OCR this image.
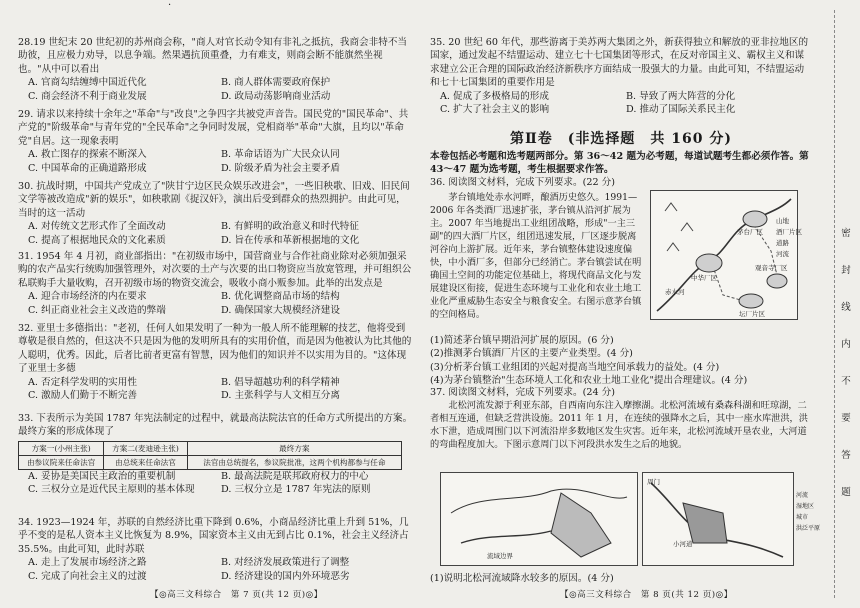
·

28.19 世纪末 20 世纪初的苏州商会称，"商人对官长动令知有非礼之抵抗，我商会非特不当助彼，且应极力劝导，以息争端。然果遇抗顶重叠，力有难支，则商会断不能旗然坐视也。"从中可以看出

A. 官商勾结缠缚中国近代化	B. 商人群体需要政府保护
C. 商会经济不利于商业发展	D. 政局动荡影响商业活动

29. 请求以来持续十余年之"革命"与"改良"之争四字共被党声音告。国民党的"国民革命"、共产党的"阶级革命"与青年党的"全民革命"之争同时发展，党相商举"革命"大旗，且均以"革命党"自居。这一现象表明

A. 救亡图存的探索不断深入	B. 革命话语为广大民众认同
C. 中国革命的正确道路形成	D. 阶级矛盾为社会主要矛盾

30. 抗战时期，中国共产党成立了"陕甘宁边区民众娱乐改进会"，一些旧秧歌、旧戏、旧民间文学等被改造成"新的娱乐"，如秧歌剧《捉汉奸》，演出后受到群众的热烈拥护。由此可见，当时的这一活动

A. 对传统文艺形式作了全面改动	B. 有鲜明的政治意义和时代特征
C. 提高了根据地民众的文化素质	D. 旨在传承和革新根据地的文化

31. 1954 年 4 月初，商业部指出："在初级市场中，国营商业与合作社商业除对必须加强采购的农产品实行统购加强管理外，对次要的土产与次要的出口物资应当放宽管理，并可组织公私联购手大量收购，召开初级市场的物资交流会，吸收小商小贩参加。此举的出发点是

A. 迎合市场经济的内在要求	B. 优化调整商品市场的结构
C. 纠正商业社会主义改造的弊端	D. 确保国家大规模经济建设

32. 亚里士多德指出："老初，任何人如果发明了一种为一般人所不能理解的技艺，他将受到尊敬是很自然的，但这决不只是因为他的发明所具有的实用价值，而是因为他被认为比其他的人聪明，优秀。因此，后者比前者更富有智慧，因为他们的知识并不以实用为目的。"这体现了亚里士多德

A. 否定科学发明的实用性	B. 倡导超越功利的科学精神
C. 激励人们勤于不断完善	D. 主张科学与人文相互分离

33. 下表所示为美国 1787 年宪法制定的过程中，就最高法院法官的任命方式所提出的方案。最终方案的形成体现了

方案一(小州主张)	方案二(麦迪逊主张)	最终方案
由参议院来任命法官	由总统来任命法官	法官由总统提名，参议院批准，这两个机构都参与任命
A. 妥协是美国民主政治的重要机制	B. 最高法院是联邦政府权力的中心
C. 三权分立是近代民主原则的基本体现	D. 三权分立是 1787 年宪法的原则

34. 1923—1924 年，苏联的自然经济比重下降到 0.6%，小商品经济比重上升到 51%，几乎不变的是私人资本主义比恢复为 8.9%，国家资本主义由无到占比 0.1%，社会主义经济占 35.5%。由此可知，此时苏联

A. 走上了发展市场经济之路	B. 对经济发展政策进行了调整
C. 完成了向社会主义的过渡	D. 经济建设的国内外环境恶劣

35. 20 世纪 60 年代，那些游离于美苏两大集团之外，新获得独立和解放的亚非拉地区的国家，通过发起不结盟运动、建立七十七国集团等形式，在反对帝国主义、霸权主义和谋求建立公正合理的国际政治经济新秩序方面结成一股强大的力量。由此可知，不结盟运动和七十七国集团的重要作用是

A. 促成了多极格局的形成	B. 导致了两大阵营的分化
C. 扩大了社会主义的影响	D. 推动了国际关系民主化
第Ⅱ卷　(非选择题　共 160 分)

本卷包括必考题和选考题两部分。第 36～42 题为必考题，每道试题考生都必须作答。第 43～47 题为选考题，考生根据要求作答。

36. 阅读图文材料，完成下列要求。(22 分)

茅台镇地处赤水河畔，酿酒历史悠久。1991—2006 年各类酒厂迅速扩张，茅台镇从沿河扩展为主。2007 年当地提出工业组团战略，形成"一主三副"的四大酒厂片区，组团迅速发展，厂区逐步脱离河谷向上游扩展。近年来，茅台镇整体建设速度偏快，中小酒厂多，但部分已经消亡。茅台镇尝试在明确国土空间的功能定位基础上，将现代商品文化与发展建设区衔接，促进生态环境与工业化和农业土地工业化严重威胁生态安全与粮食安全。右图示意茅台镇的空间格局。

茅台厂区
赤水河
中华厂区
坛厂片区
观音寺厂区
山地
酒厂片区
道路
河流

(1)简述茅台镇早期沿河扩展的原因。(6 分)

(2)推测茅台镇酒厂片区的主要产业类型。(4 分)

(3)分析茅台镇工业组团的兴起对提高当地空间承载力的益处。(4 分)

(4)为茅台镇整治"生态环境人工化和农业土地工业化"提出合理建议。(4 分)

37. 阅读图文材料，完成下列要求。(24 分)

北松河流发源于利亚东部，自西南向东注入摩擦湖。北松河流域有桑森科湖和旺琼湖，二者相互连通，但缺乏营洪设施。2011 年 1 月，在连续的强降水之后，其中一座水库泄洪，洪水下泄，造成周围门以下河流沿岸多数地区发生灾害。近年来，北松河流域开垦农业，大河道的弯曲程度加大。下图示意周门以下河段洪水发生之后的地貌。

流域边界
周门
小河道
河流
湿地区
城市
洪泛平原

(1)说明北松河流域降水较多的原因。(4 分)

【◎高三文科综合　第 7 页(共 12 页)◎】	【◎高三文科综合　第 8 页(共 12 页)◎】
密
封
线
内
不
要
答
题
